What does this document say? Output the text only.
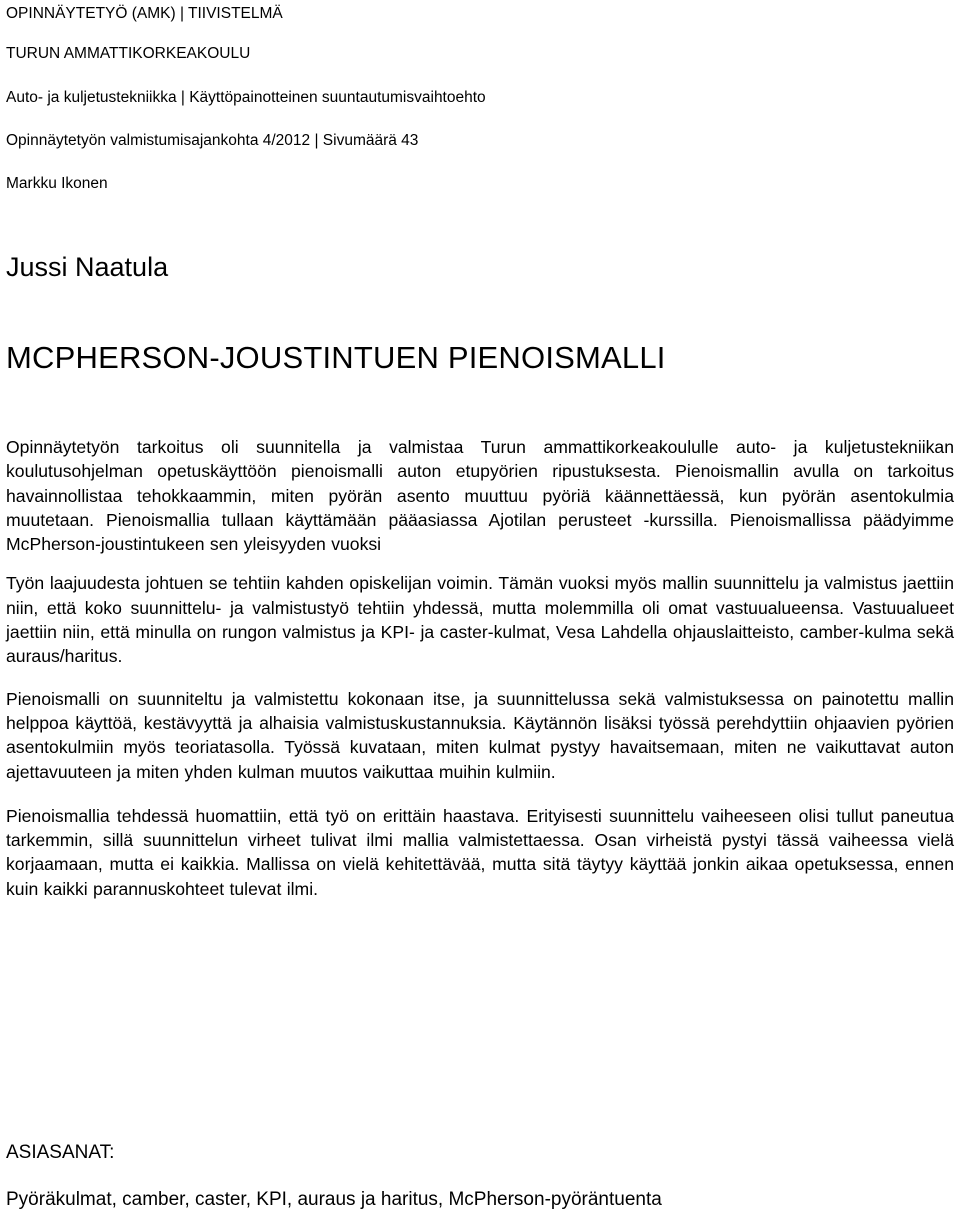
OPINNÄYTETYÖ (AMK) | TIIVISTELMÄ

TURUN AMMATTIKORKEAKOULU

Auto- ja kuljetustekniikka | Käyttöpainotteinen suuntautumisvaihtoehto

Opinnäytetyön valmistumisajankohta 4/2012 | Sivumäärä 43

Markku Ikonen

Jussi Naatula
MCPHERSON-JOUSTINTUEN PIENOISMALLI

Opinnäytetyön tarkoitus oli suunnitella ja valmistaa Turun ammattikorkeakoululle auto- ja kuljetustekniikan koulutusohjelman opetuskäyttöön pienoismalli auton etupyörien ripustuksesta. Pienoismallin avulla on tarkoitus havainnollistaa tehokkaammin, miten pyörän asento muuttuu pyöriä käännettäessä, kun pyörän asentokulmia muutetaan. Pienoismallia tullaan käyttämään pääasiassa Ajotilan perusteet -kurssilla. Pienoismallissa päädyimme McPherson-joustintukeen sen yleisyyden vuoksi

Työn laajuudesta johtuen se tehtiin kahden opiskelijan voimin. Tämän vuoksi myös mallin suunnittelu ja valmistus jaettiin niin, että koko suunnittelu- ja valmistustyö tehtiin yhdessä, mutta molemmilla oli omat vastuualueensa. Vastuualueet jaettiin niin, että minulla on rungon valmistus ja KPI- ja caster-kulmat, Vesa Lahdella ohjauslaitteisto, camber-kulma sekä auraus/haritus.

Pienoismalli on suunniteltu ja valmistettu kokonaan itse, ja suunnittelussa sekä valmistuksessa on painotettu mallin helppoa käyttöä, kestävyyttä ja alhaisia valmistuskustannuksia. Käytännön lisäksi työssä perehdyttiin ohjaavien pyörien asentokulmiin myös teoriatasolla. Työssä kuvataan, miten kulmat pystyy havaitsemaan, miten ne vaikuttavat auton ajettavuuteen ja miten yhden kulman muutos vaikuttaa muihin kulmiin.

Pienoismallia tehdessä huomattiin, että työ on erittäin haastava. Erityisesti suunnittelu vaiheeseen olisi tullut paneutua tarkemmin, sillä suunnittelun virheet tulivat ilmi mallia valmistettaessa. Osan virheistä pystyi tässä vaiheessa vielä korjaamaan, mutta ei kaikkia. Mallissa on vielä kehitettävää, mutta sitä täytyy käyttää jonkin aikaa opetuksessa, ennen kuin kaikki parannuskohteet tulevat ilmi.

ASIASANAT:

Pyöräkulmat, camber, caster, KPI, auraus ja haritus, McPherson-pyöräntuenta
